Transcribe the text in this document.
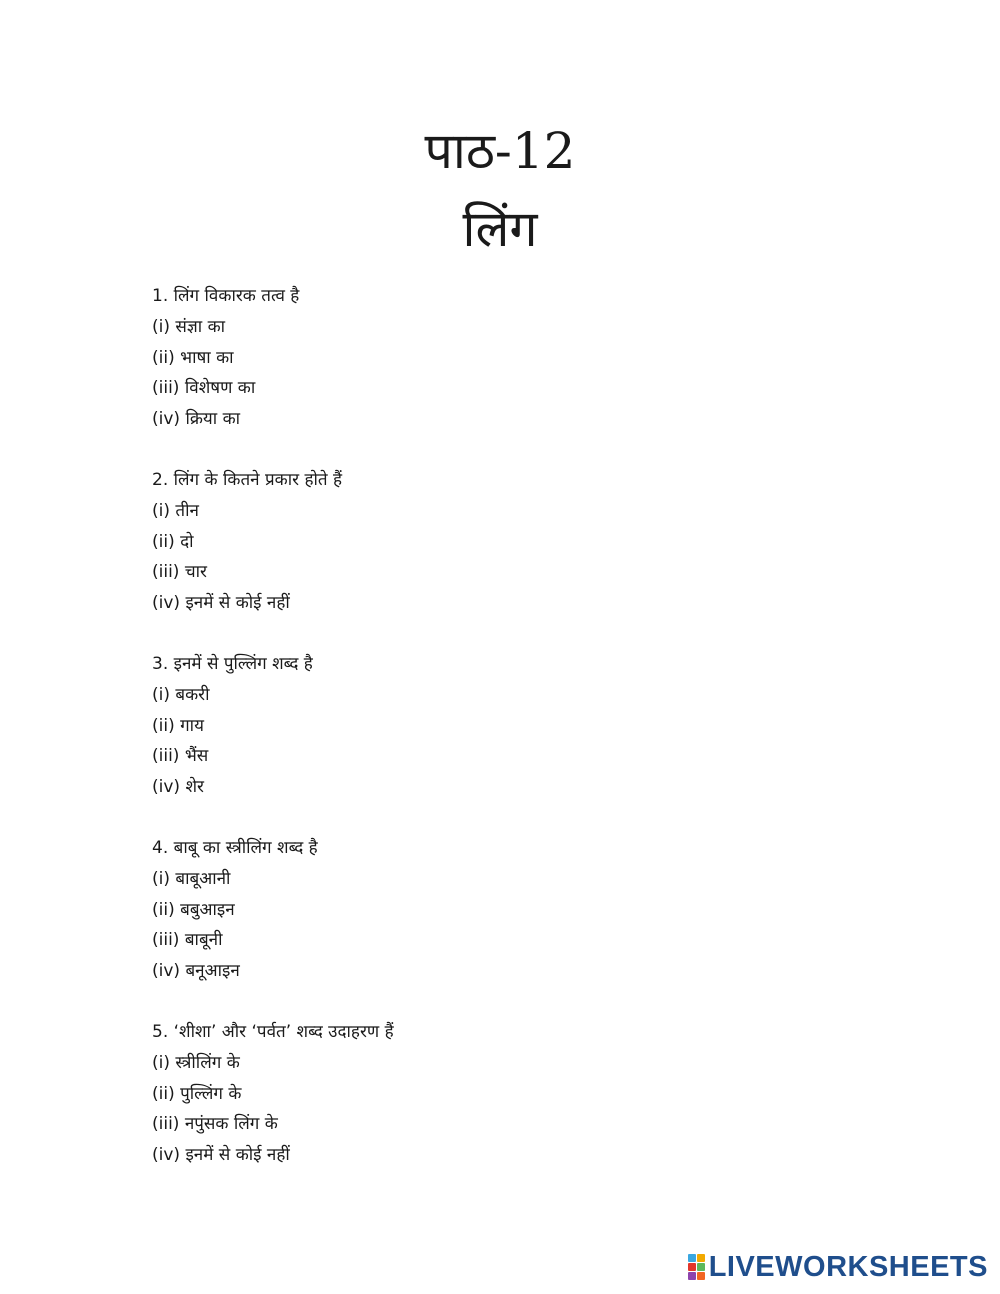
पाठ-12
लिंग
1. लिंग विकारक तत्व है
(i) संज्ञा का
(ii) भाषा का
(iii) विशेषण का
(iv) क्रिया का
2. लिंग के कितने प्रकार होते हैं
(i) तीन
(ii) दो
(iii) चार
(iv) इनमें से कोई नहीं
3. इनमें से पुल्लिंग शब्द है
(i) बकरी
(ii) गाय
(iii) भैंस
(iv) शेर
4. बाबू का स्त्रीलिंग शब्द है
(i) बाबूआनी
(ii) बबुआइन
(iii) बाबूनी
(iv) बनूआइन
5. ‘शीशा’ और ‘पर्वत’ शब्द उदाहरण हैं
(i) स्त्रीलिंग के
(ii) पुल्लिंग के
(iii) नपुंसक लिंग के
(iv) इनमें से कोई नहीं
LIVEWORKSHEETS
